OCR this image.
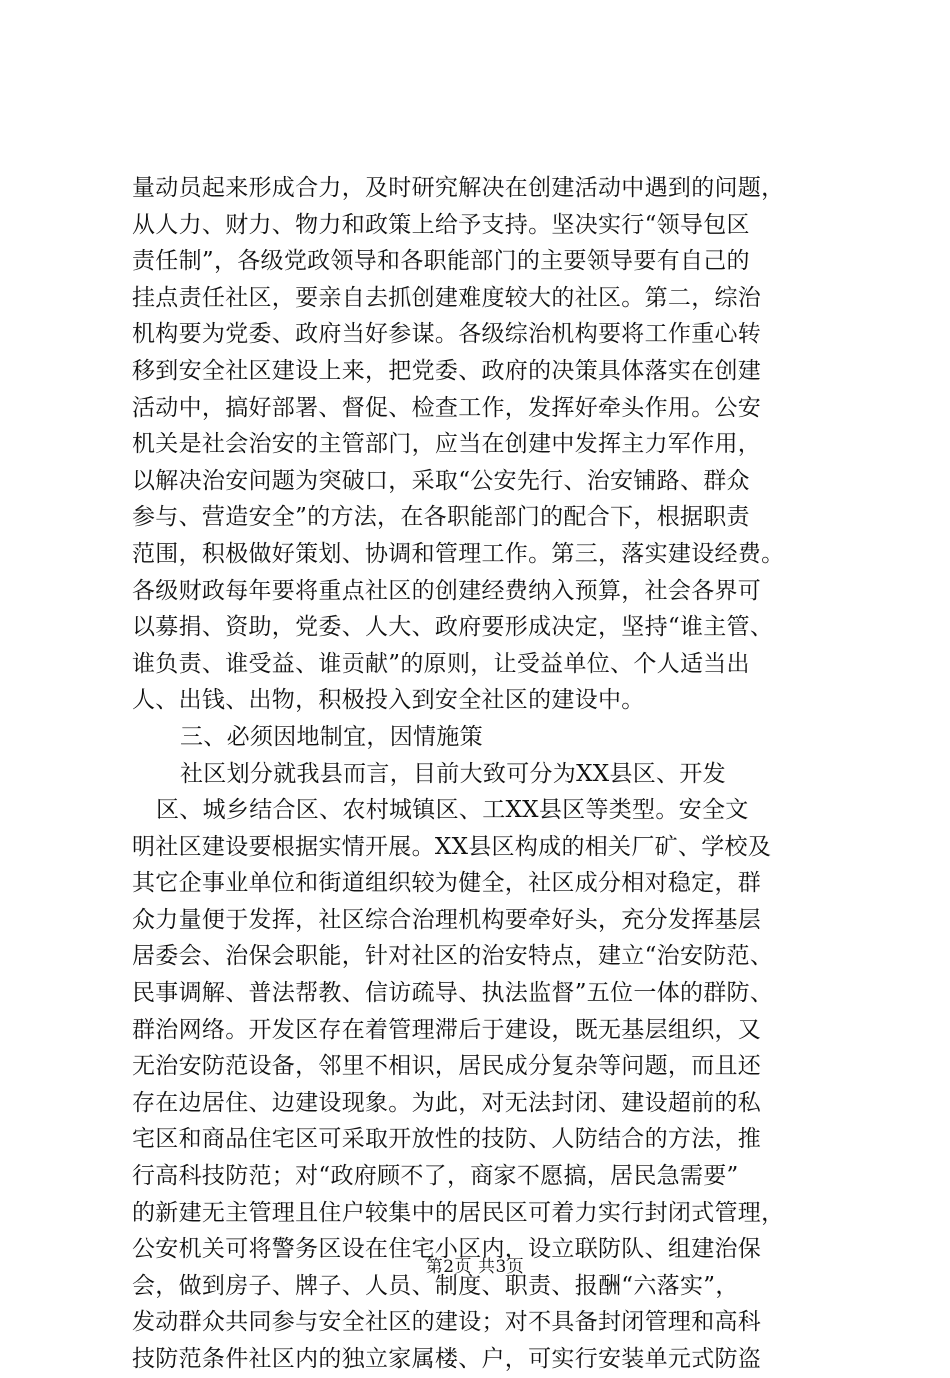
量动员起来形成合力，及时研究解决在创建活动中遇到的问题，
从人力、财力、物力和政策上给予支持。坚决实行“领导包区
责任制”，各级党政领导和各职能部门的主要领导要有自己的
挂点责任社区，要亲自去抓创建难度较大的社区。第二，综治
机构要为党委、政府当好参谋。各级综治机构要将工作重心转
移到安全社区建设上来，把党委、政府的决策具体落实在创建
活动中，搞好部署、督促、检查工作，发挥好牵头作用。公安
机关是社会治安的主管部门，应当在创建中发挥主力军作用，
以解决治安问题为突破口，采取“公安先行、治安铺路、群众
参与、营造安全”的方法，在各职能部门的配合下，根据职责
范围，积极做好策划、协调和管理工作。第三，落实建设经费。
各级财政每年要将重点社区的创建经费纳入预算，社会各界可
以募捐、资助，党委、人大、政府要形成决定，坚持“谁主管、
谁负责、谁受益、谁贡献”的原则，让受益单位、个人适当出
人、出钱、出物，积极投入到安全社区的建设中。
三、必须因地制宜，因情施策
社区划分就我县而言，目前大致可分为XX县区、开发
区、城乡结合区、农村城镇区、工XX县区等类型。安全文
明社区建设要根据实情开展。XX县区构成的相关厂矿、学校及
其它企事业单位和街道组织较为健全，社区成分相对稳定，群
众力量便于发挥，社区综合治理机构要牵好头，充分发挥基层
居委会、治保会职能，针对社区的治安特点，建立“治安防范、
民事调解、普法帮教、信访疏导、执法监督”五位一体的群防、
群治网络。开发区存在着管理滞后于建设，既无基层组织，又
无治安防范设备，邻里不相识，居民成分复杂等问题，而且还
存在边居住、边建设现象。为此，对无法封闭、建设超前的私
宅区和商品住宅区可采取开放性的技防、人防结合的方法，推
行高科技防范；对“政府顾不了，商家不愿搞，居民急需要”
的新建无主管理且住户较集中的居民区可着力实行封闭式管理，
公安机关可将警务区设在住宅小区内，设立联防队、组建治保
会，做到房子、牌子、人员、制度、职责、报酬“六落实”，
发动群众共同参与安全社区的建设；对不具备封闭管理和高科
技防范条件社区内的独立家属楼、户，可实行安装单元式防盗
第2页 共3页
